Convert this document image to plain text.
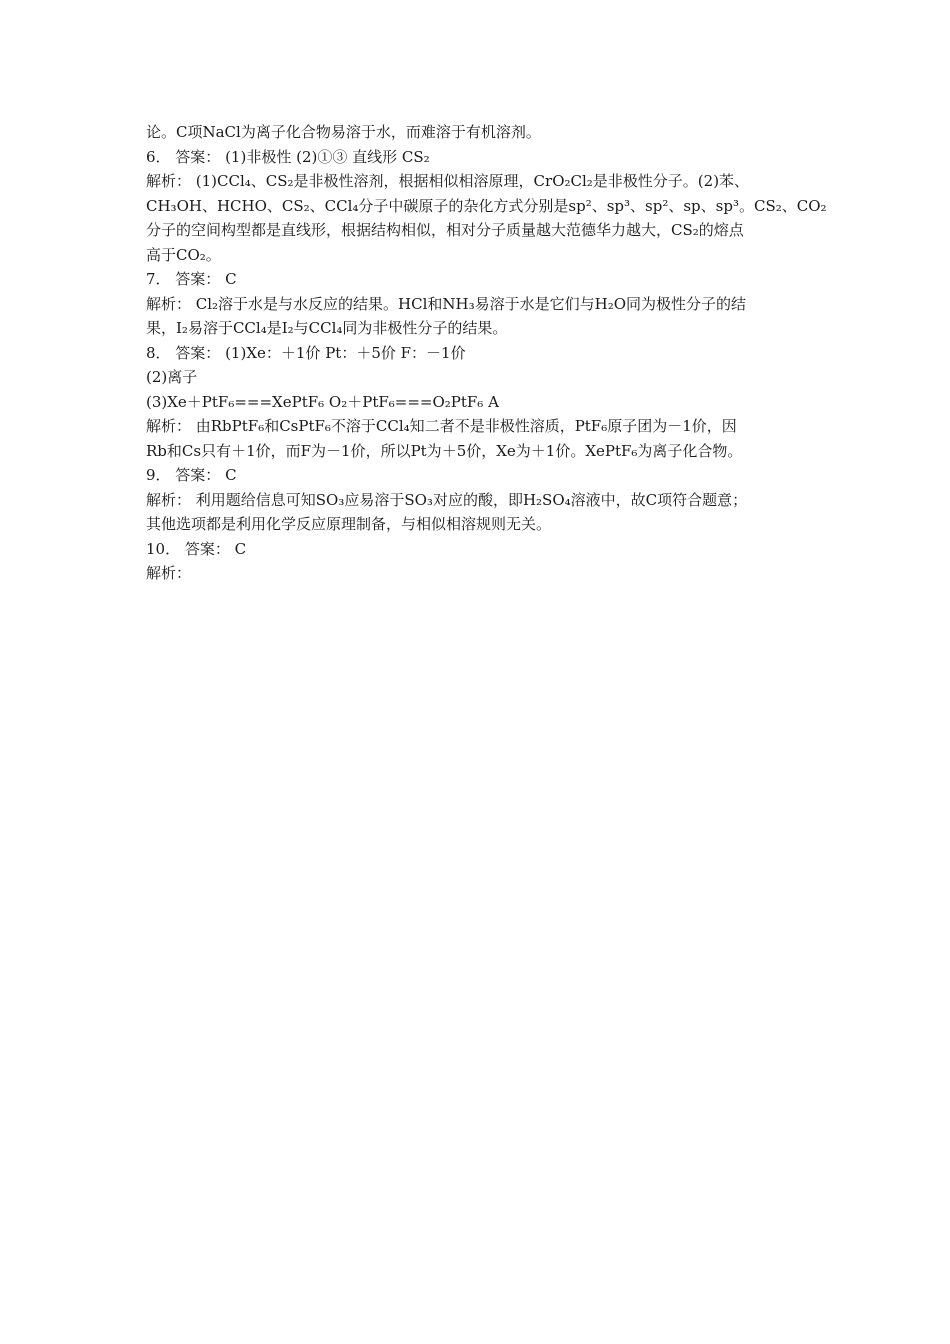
论。C项NaCl为离子化合物易溶于水，而难溶于有机溶剂。
6． 答案： (1)非极性 (2)①③ 直线形 CS₂
解析： (1)CCl₄、CS₂是非极性溶剂，根据相似相溶原理，CrO₂Cl₂是非极性分子。(2)苯、
CH₃OH、HCHO、CS₂、CCl₄分子中碳原子的杂化方式分别是sp²、sp³、sp²、sp、sp³。CS₂、CO₂
分子的空间构型都是直线形，根据结构相似，相对分子质量越大范德华力越大，CS₂的熔点
高于CO₂。
7． 答案： C
解析： Cl₂溶于水是与水反应的结果。HCl和NH₃易溶于水是它们与H₂O同为极性分子的结
果，I₂易溶于CCl₄是I₂与CCl₄同为非极性分子的结果。
8． 答案： (1)Xe：＋1价 Pt：＋5价 F：－1价
(2)离子
(3)Xe＋PtF₆===XePtF₆ O₂＋PtF₆===O₂PtF₆ A
解析： 由RbPtF₆和CsPtF₆不溶于CCl₄知二者不是非极性溶质，PtF₆原子团为－1价，因
Rb和Cs只有＋1价，而F为－1价，所以Pt为＋5价，Xe为＋1价。XePtF₆为离子化合物。
9． 答案： C
解析： 利用题给信息可知SO₃应易溶于SO₃对应的酸，即H₂SO₄溶液中，故C项符合题意；
其他选项都是利用化学反应原理制备，与相似相溶规则无关。
10． 答案： C
解析：
